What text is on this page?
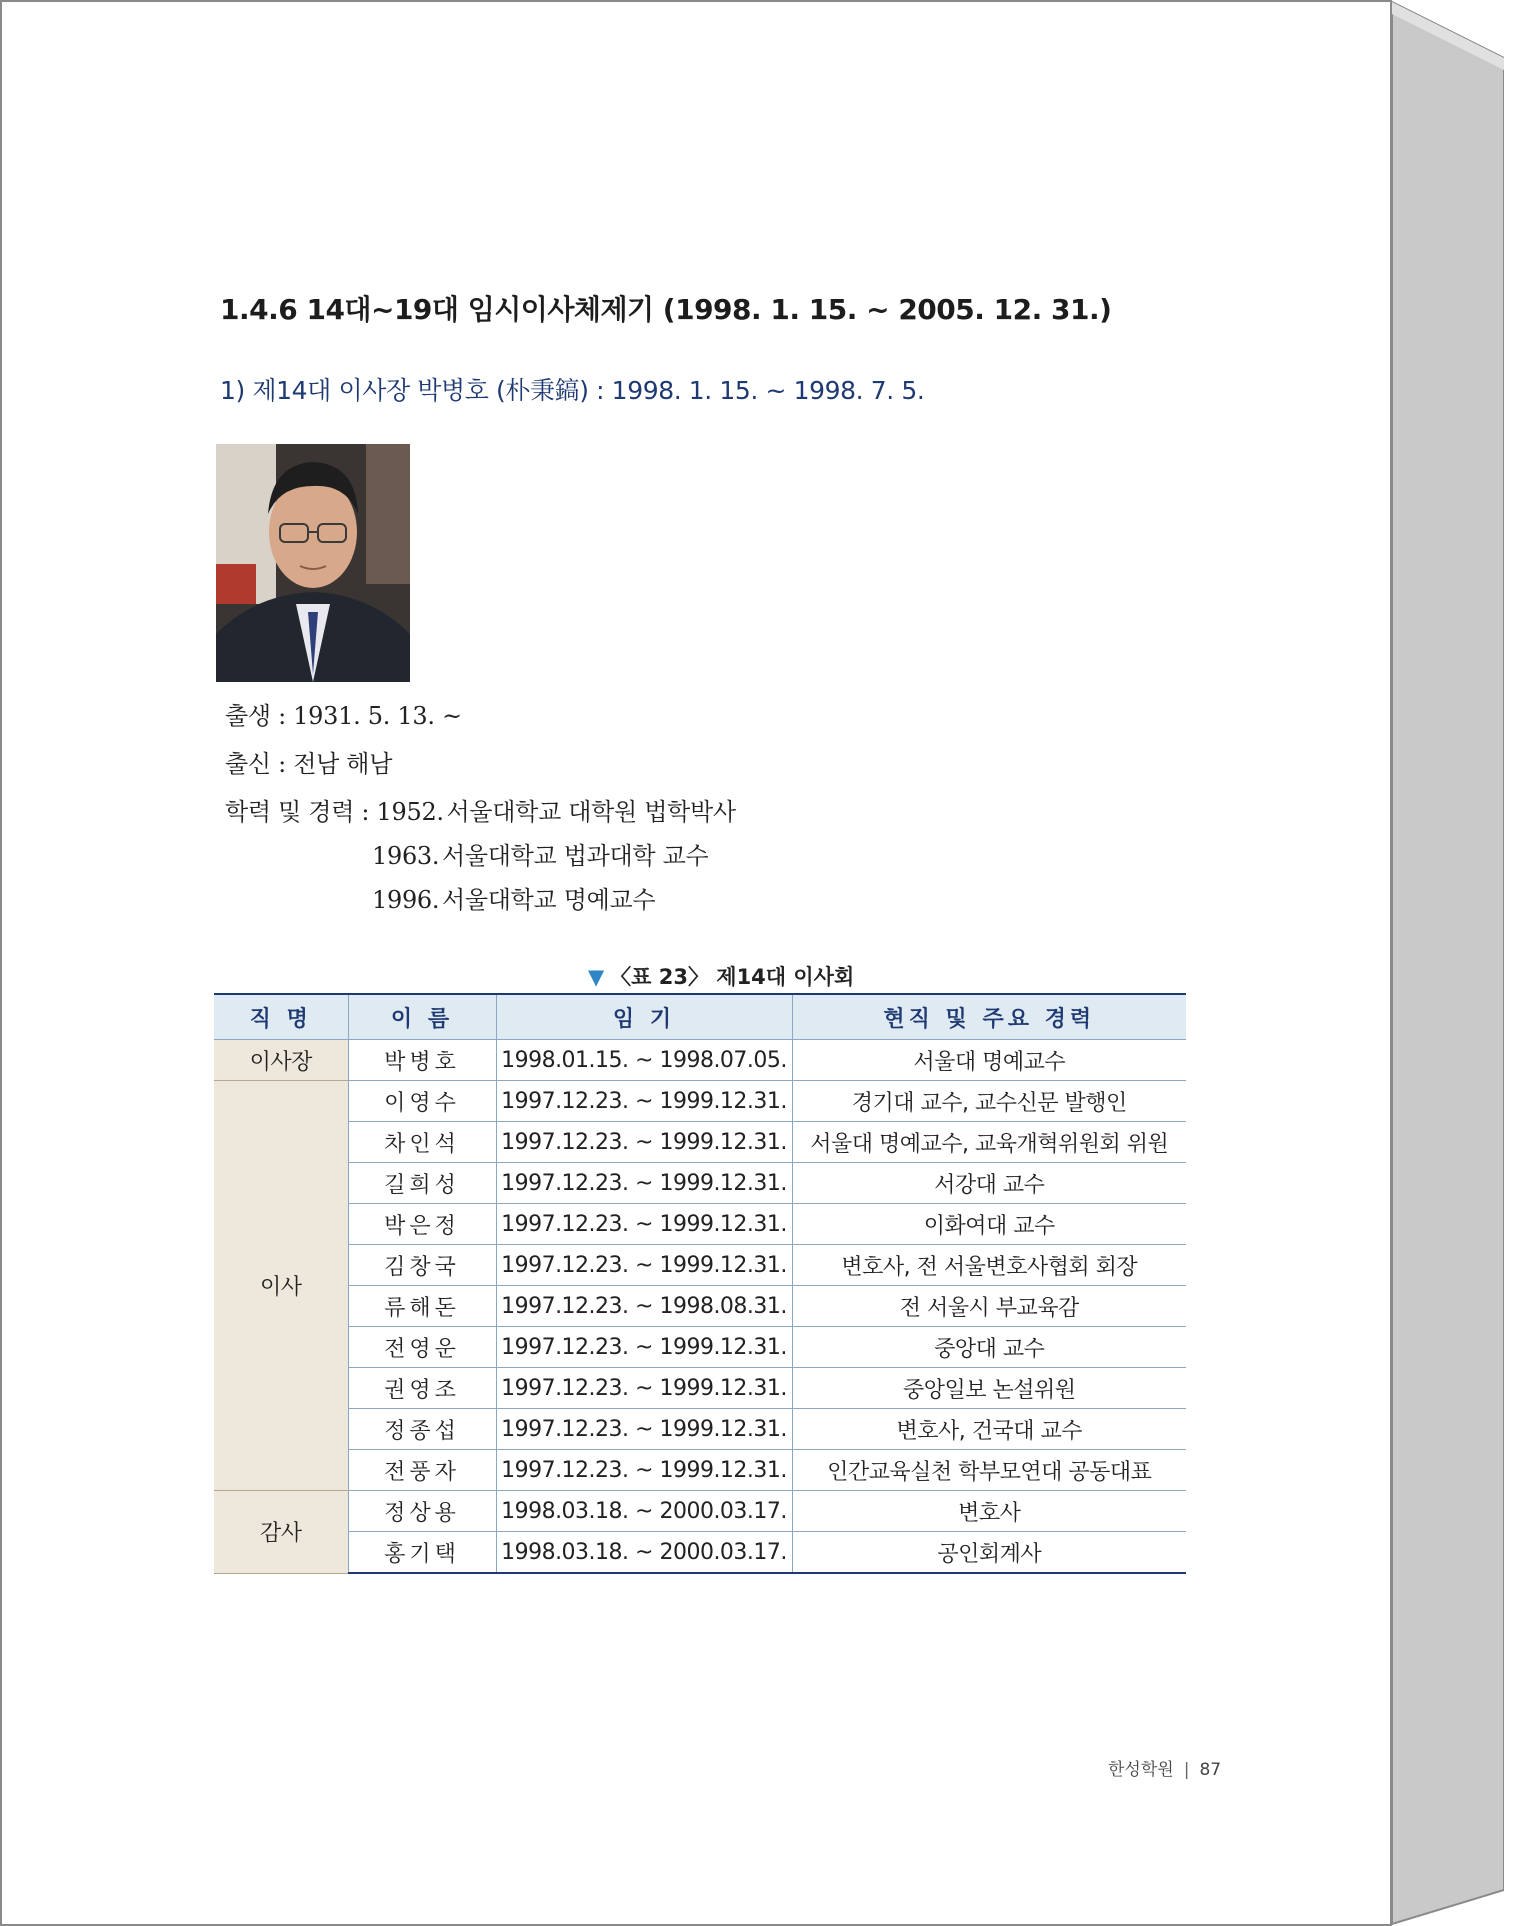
1.4.6 14대~19대 임시이사체제기 (1998. 1. 15. ~ 2005. 12. 31.)
1) 제14대 이사장 박병호 (朴秉鎬) : 1998. 1. 15. ~ 1998. 7. 5.
출생 : 1931. 5. 13. ~
출신 : 전남 해남
학력 및 경력 : 1952. 서울대학교 대학원 법학박사
1963. 서울대학교 법과대학 교수
1996. 서울대학교 명예교수
▼ 〈표 23〉 제14대 이사회
직 명	이 름	임 기	현직 및 주요 경력
이사장	박병호	1998.01.15. ~ 1998.07.05.	서울대 명예교수
이사	이영수	1997.12.23. ~ 1999.12.31.	경기대 교수, 교수신문 발행인
	차인석	1997.12.23. ~ 1999.12.31.	서울대 명예교수, 교육개혁위원회 위원
	길희성	1997.12.23. ~ 1999.12.31.	서강대 교수
	박은정	1997.12.23. ~ 1999.12.31.	이화여대 교수
	김창국	1997.12.23. ~ 1999.12.31.	변호사, 전 서울변호사협회 회장
	류해돈	1997.12.23. ~ 1998.08.31.	전 서울시 부교육감
	전영운	1997.12.23. ~ 1999.12.31.	중앙대 교수
	권영조	1997.12.23. ~ 1999.12.31.	중앙일보 논설위원
	정종섭	1997.12.23. ~ 1999.12.31.	변호사, 건국대 교수
	전풍자	1997.12.23. ~ 1999.12.31.	인간교육실천 학부모연대 공동대표
감사	정상용	1998.03.18. ~ 2000.03.17.	변호사
	홍기택	1998.03.18. ~ 2000.03.17.	공인회계사
한성학원 | 87
